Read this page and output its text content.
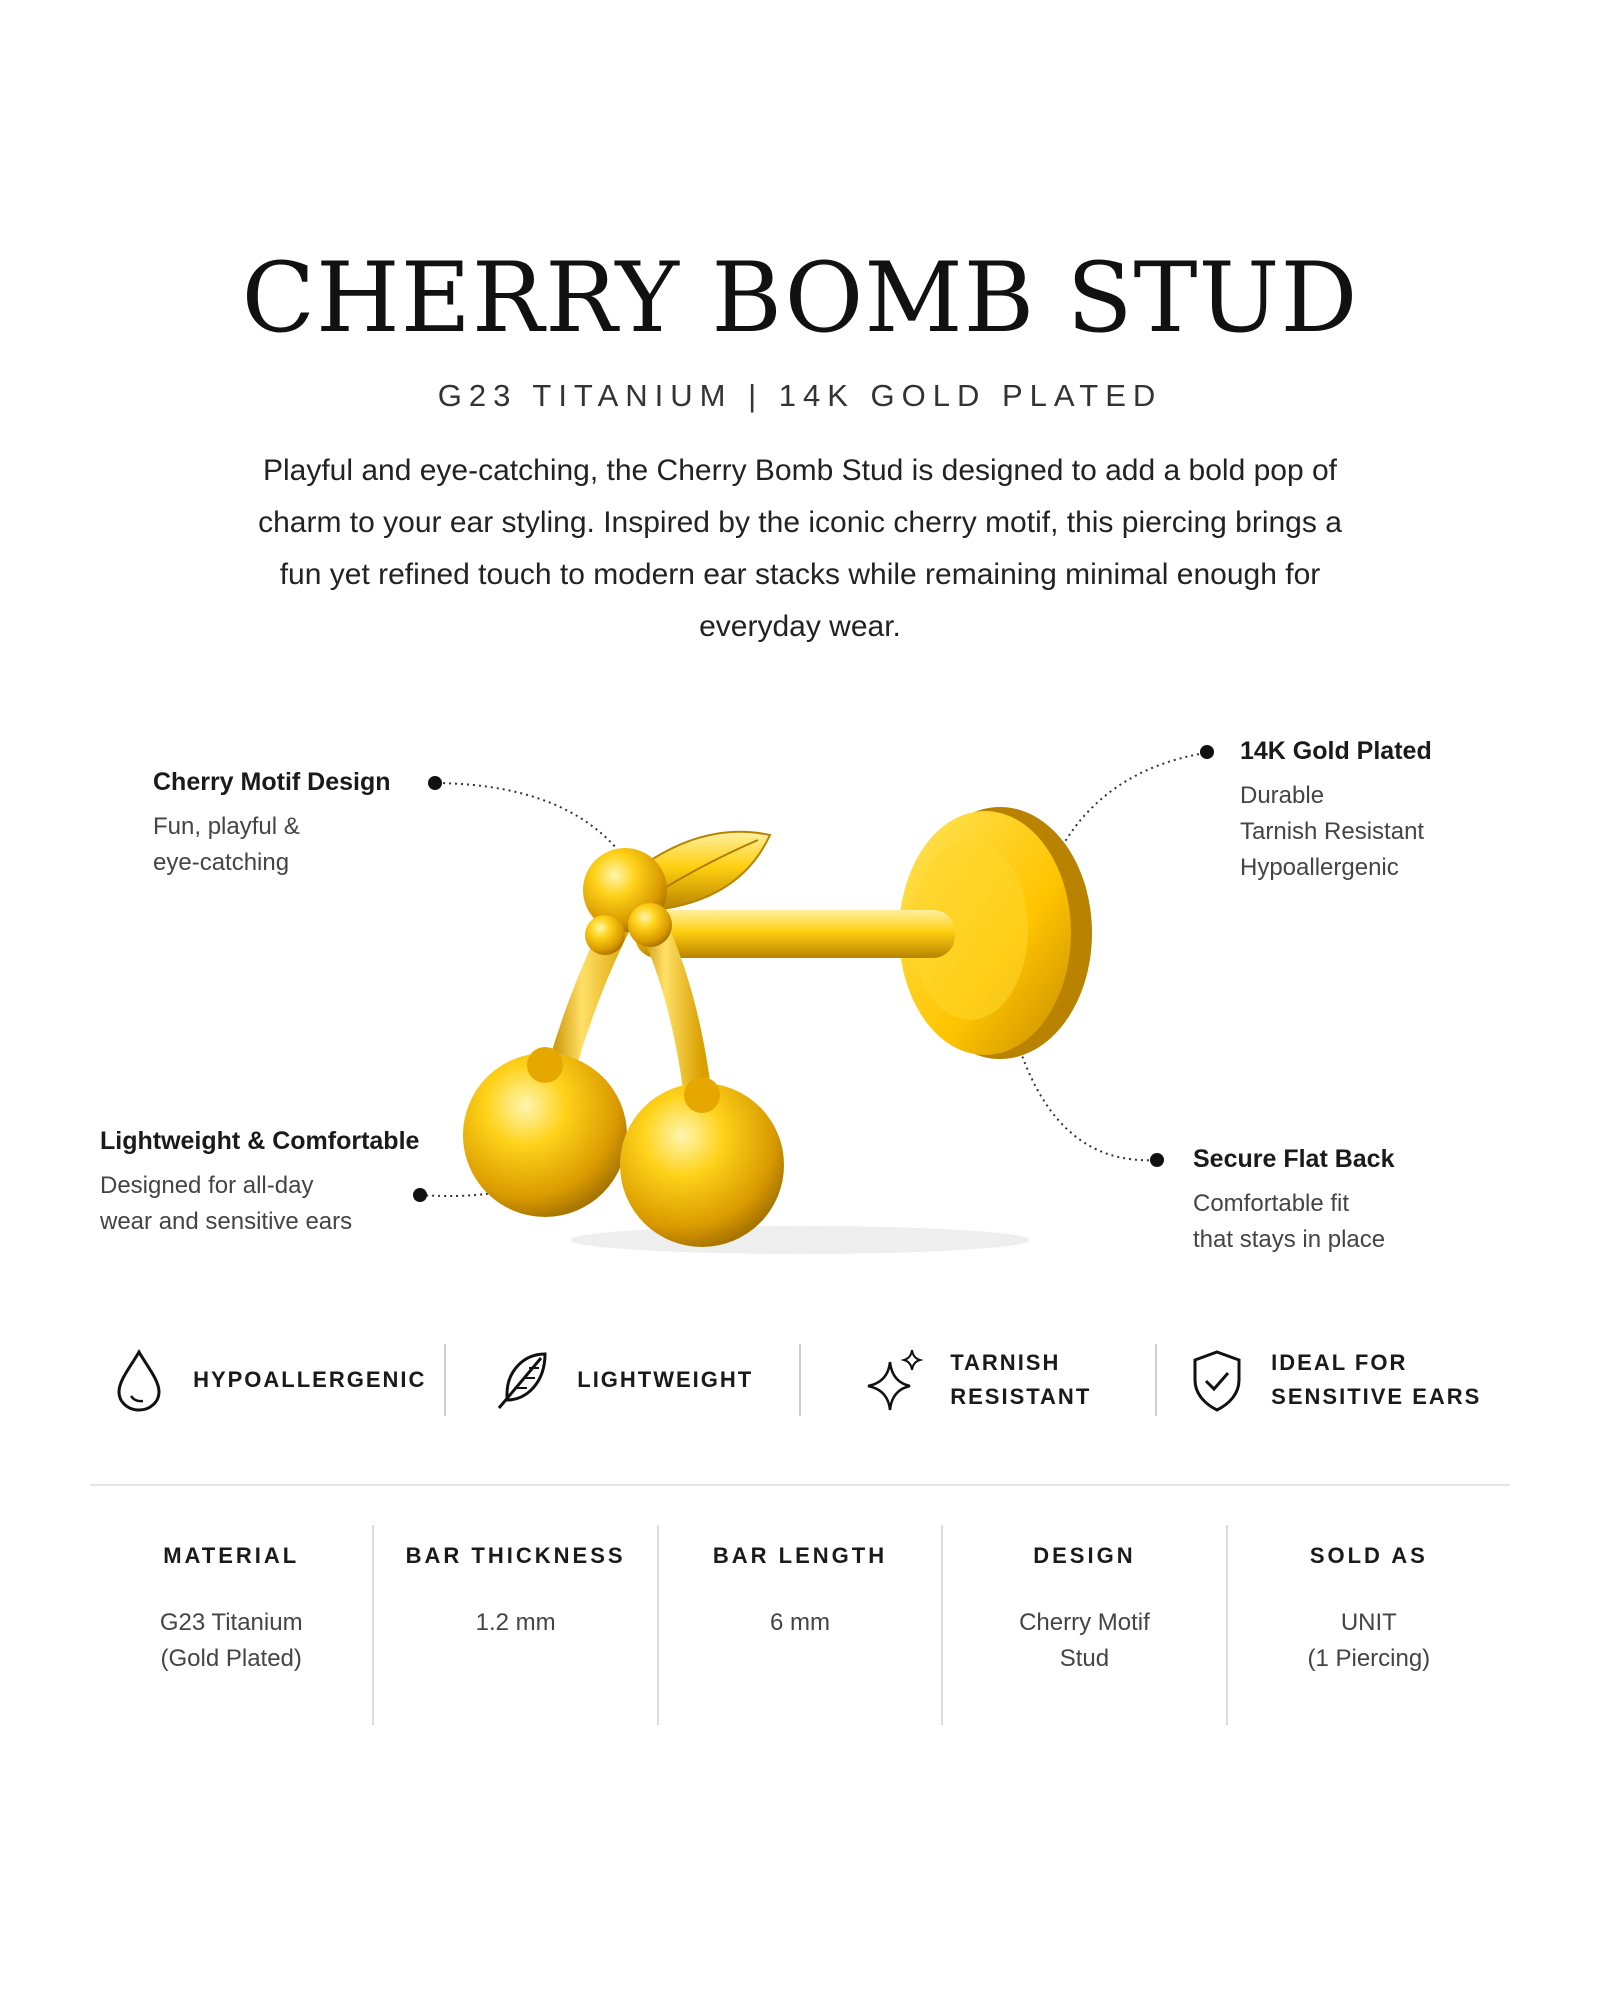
CHERRY BOMB STUD
G23 TITANIUM | 14K GOLD PLATED
Playful and eye-catching, the Cherry Bomb Stud is designed to add a bold pop of charm to your ear styling. Inspired by the iconic cherry motif, this piercing brings a fun yet refined touch to modern ear stacks while remaining minimal enough for everyday wear.
Cherry Motif Design
Fun, playful &
eye-catching
14K Gold Plated
Durable
Tarnish Resistant
Hypoallergenic
Lightweight & Comfortable
Designed for all-day
wear and sensitive ears
Secure Flat Back
Comfortable fit
that stays in place
HYPOALLERGENIC	LIGHTWEIGHT
TARNISH
RESISTANT
IDEAL FOR
SENSITIVE EARS
MATERIAL
G23 Titanium
(Gold Plated)
BAR THICKNESS
1.2 mm
BAR LENGTH
6 mm
DESIGN
Cherry Motif
Stud
SOLD AS
UNIT
(1 Piercing)
